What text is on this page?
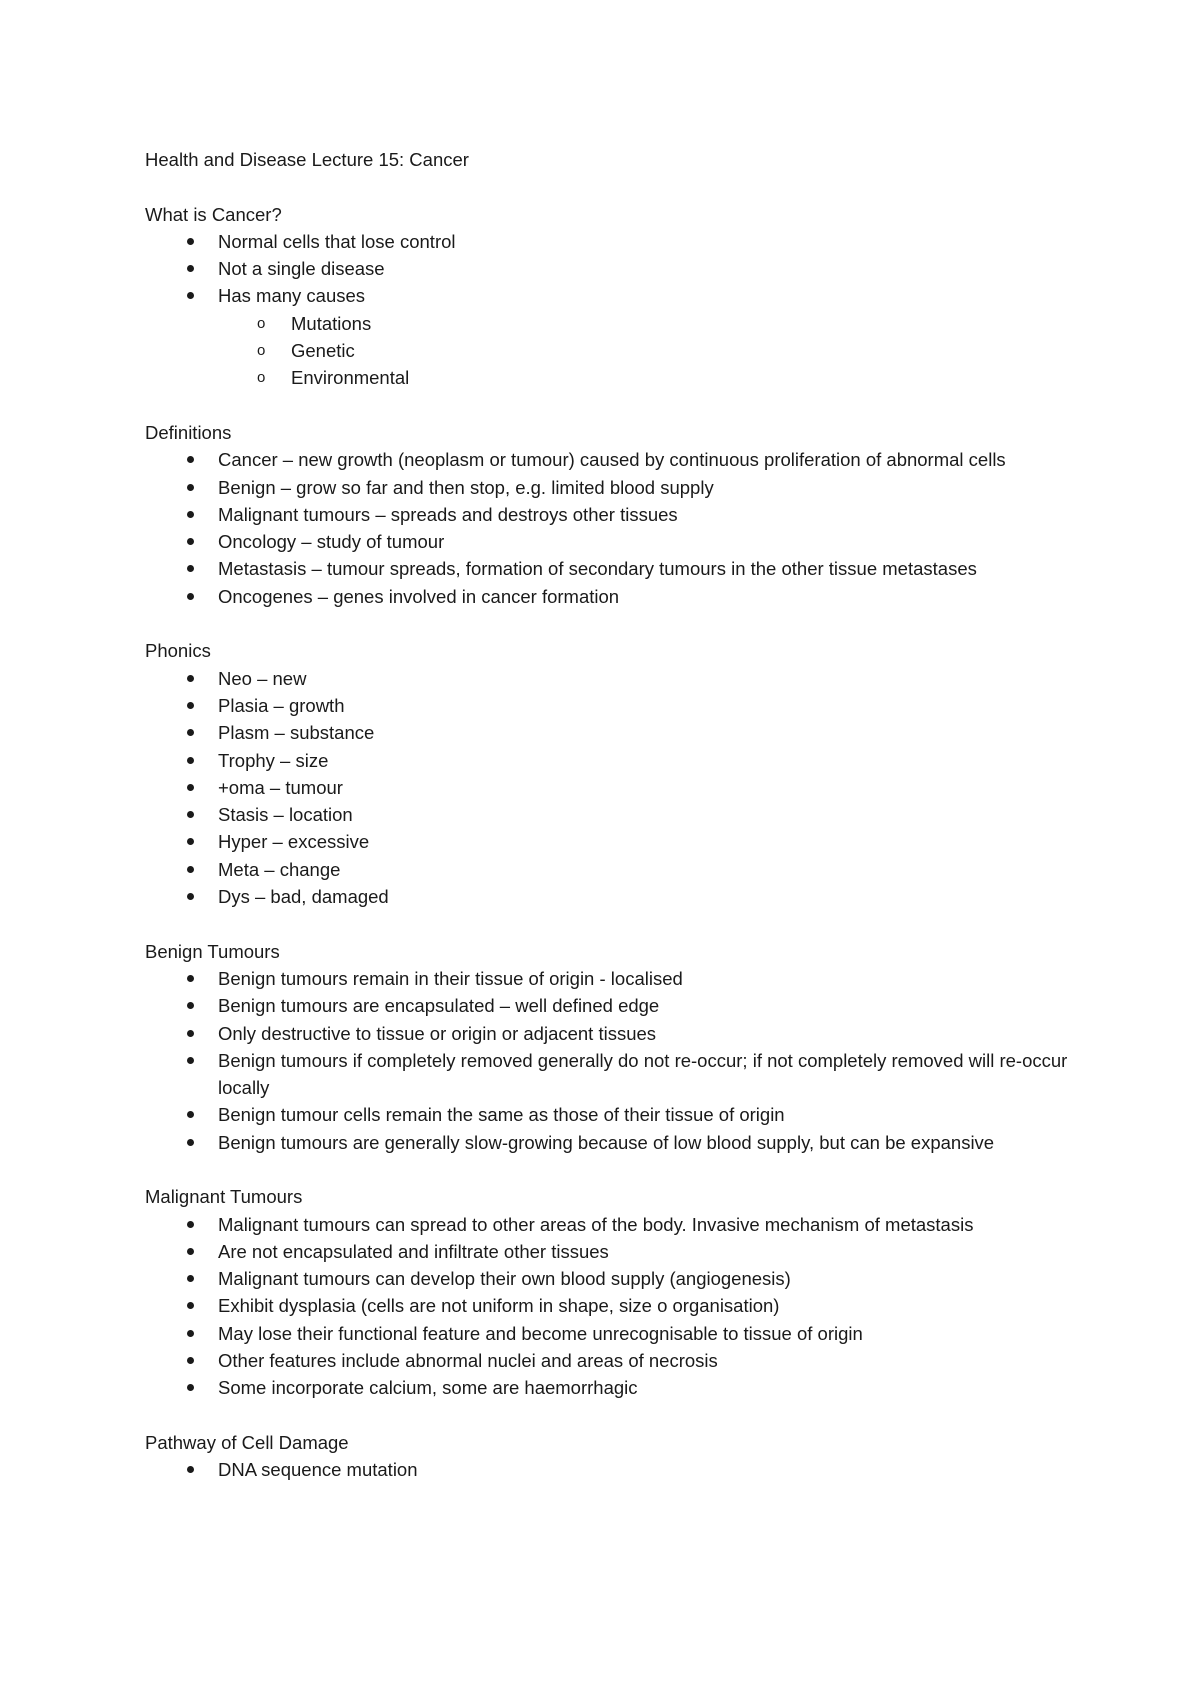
Health and Disease Lecture 15: Cancer

What is Cancer?

Normal cells that lose control
Not a single disease
Has many causes
o Mutations
o Genetic
o Environmental

Definitions

Cancer – new growth (neoplasm or tumour) caused by continuous proliferation of abnormal cells
Benign – grow so far and then stop, e.g. limited blood supply
Malignant tumours – spreads and destroys other tissues
Oncology – study of tumour
Metastasis – tumour spreads, formation of secondary tumours in the other tissue metastases
Oncogenes – genes involved in cancer formation

Phonics

Neo – new
Plasia – growth
Plasm – substance
Trophy – size
+oma – tumour
Stasis – location
Hyper – excessive
Meta – change
Dys – bad, damaged

Benign Tumours

Benign tumours remain in their tissue of origin - localised
Benign tumours are encapsulated – well defined edge
Only destructive to tissue or origin or adjacent tissues
Benign tumours if completely removed generally do not re-occur; if not completely removed will re-occur locally
Benign tumour cells remain the same as those of their tissue of origin
Benign tumours are generally slow-growing because of low blood supply, but can be expansive

Malignant Tumours

Malignant tumours can spread to other areas of the body. Invasive mechanism of metastasis
Are not encapsulated and infiltrate other tissues
Malignant tumours can develop their own blood supply (angiogenesis)
Exhibit dysplasia (cells are not uniform in shape, size o organisation)
May lose their functional feature and become unrecognisable to tissue of origin
Other features include abnormal nuclei and areas of necrosis
Some incorporate calcium, some are haemorrhagic

Pathway of Cell Damage

DNA sequence mutation
